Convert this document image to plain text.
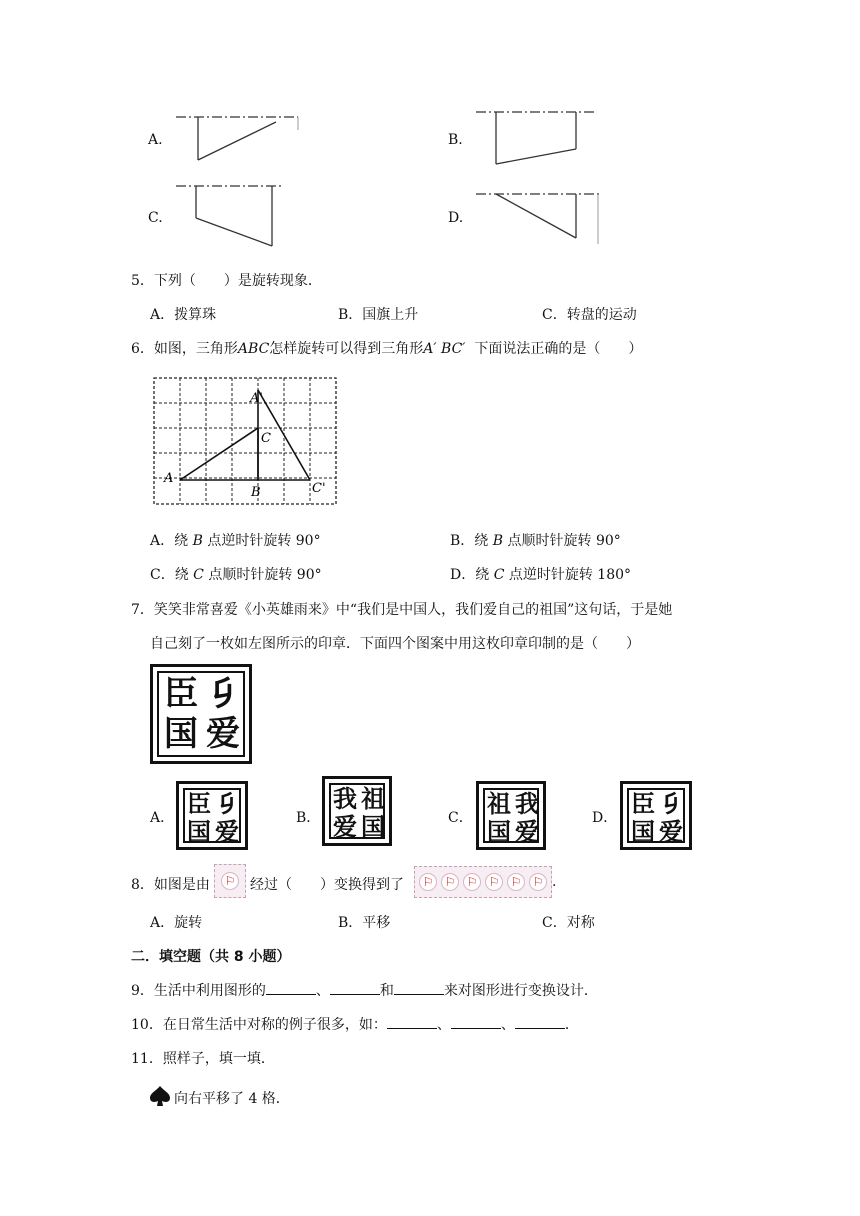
A.	B.
C.	D.
5．下列（　　）是旋转现象．
A．拨算珠	B．国旗上升	C．转盘的运动
6．如图，三角形ABC怎样旋转可以得到三角形A′ BC′ 下面说法正确的是（　　）
A
B
C
A'
C'
A．绕 B 点逆时针旋转 90°	B．绕 B 点顺时针旋转 90°
C．绕 C 点顺时针旋转 90°	D．绕 C 点逆时针旋转 180°
7．笑笑非常喜爱《小英雄雨来》中“我们是中国人，我们爱自己的祖国”这句话，于是她
自己刻了一枚如左图所示的印章．下面四个图案中用这枚印章印制的是（　　）
臣 𠂎
国 爱
A． 臣 𠂎
国 爱	B．
我 祖
爱 国	C． 祖 我
国 爱	D． 臣 𠂎
国 爱
8．如图是由	⚐ 经过（　　）变换得到了	⚐ ⚐ ⚐ ⚐ ⚐ ⚐ .
A．旋转	B．平移	C．对称
二．填空题（共 8 小题）
9．生活中利用图形的	、	和	来对图形进行变换设计．
10．在日常生活中对称的例子很多，如：	、	、	．
11．照样子，填一填．
向右平移了 4 格．
